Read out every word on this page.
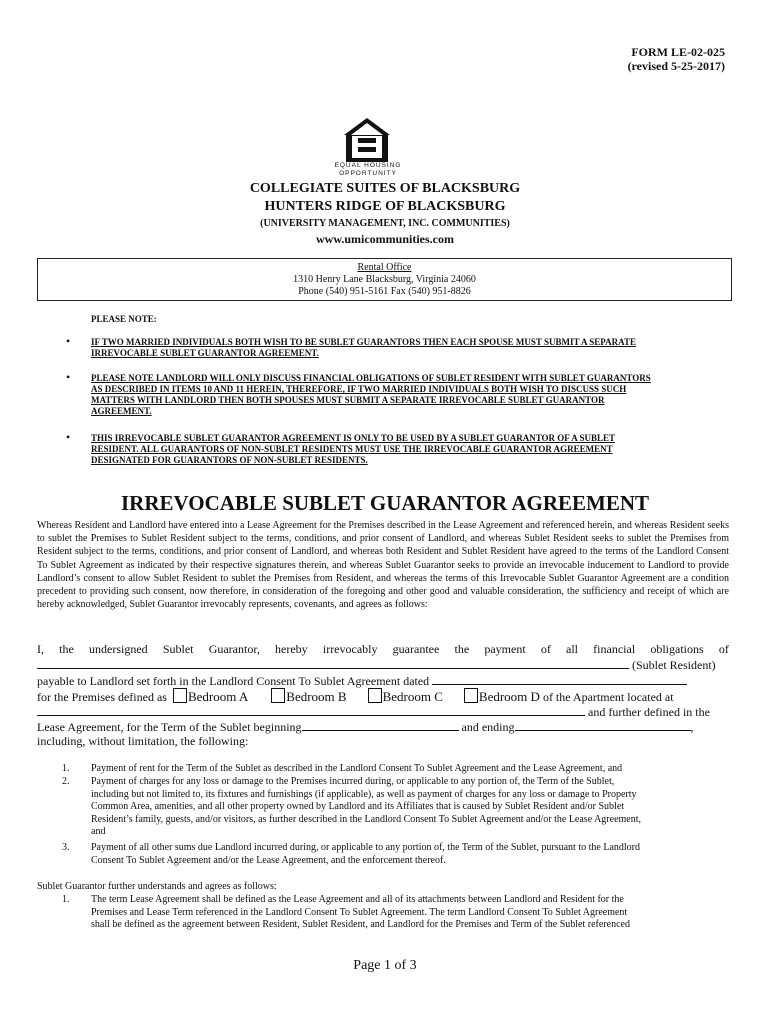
FORM LE-02-025
(revised 5-25-2017)
EQUAL HOUSING
OPPORTUNITY
COLLEGIATE SUITES OF BLACKSBURG
HUNTERS RIDGE OF BLACKSBURG
(UNIVERSITY MANAGEMENT, INC. COMMUNITIES)
www.umicommunities.com
Rental Office
1310 Henry Lane Blacksburg, Virginia 24060
Phone (540) 951-5161 Fax (540) 951-8826
PLEASE NOTE:
• IF TWO MARRIED INDIVIDUALS BOTH WISH TO BE SUBLET GUARANTORS THEN EACH SPOUSE MUST SUBMIT A SEPARATE
IRREVOCABLE SUBLET GUARANTOR AGREEMENT.
• PLEASE NOTE LANDLORD WILL ONLY DISCUSS FINANCIAL OBLIGATIONS OF SUBLET RESIDENT WITH SUBLET GUARANTORS
AS DESCRIBED IN ITEMS 10 AND 11 HEREIN, THEREFORE, IF TWO MARRIED INDIVIDUALS BOTH WISH TO DISCUSS SUCH
MATTERS WITH LANDLORD THEN BOTH SPOUSES MUST SUBMIT A SEPARATE IRREVOCABLE SUBLET GUARANTOR
AGREEMENT.
• THIS IRREVOCABLE SUBLET GUARANTOR AGREEMENT IS ONLY TO BE USED BY A SUBLET GUARANTOR OF A SUBLET
RESIDENT. ALL GUARANTORS OF NON-SUBLET RESIDENTS MUST USE THE IRREVOCABLE GUARANTOR AGREEMENT
DESIGNATED FOR GUARANTORS OF NON-SUBLET RESIDENTS.
IRREVOCABLE SUBLET GUARANTOR AGREEMENT
Whereas Resident and Landlord have entered into a Lease Agreement for the Premises described in the Lease Agreement and referenced herein, and whereas Resident seeks to sublet the Premises to Sublet Resident subject to the terms, conditions, and prior consent of Landlord, and whereas Sublet Resident seeks to sublet the Premises from Resident subject to the terms, conditions, and prior consent of Landlord, and whereas both Resident and Sublet Resident have agreed to the terms of the Landlord Consent To Sublet Agreement as indicated by their respective signatures therein, and whereas Sublet Guarantor seeks to provide an irrevocable inducement to Landlord to provide Landlord’s consent to allow Sublet Resident to sublet the Premises from Resident, and whereas the terms of this Irrevocable Sublet Guarantor Agreement are a condition precedent to providing such consent, now therefore, in consideration of the foregoing and other good and valuable consideration, the sufficiency and receipt of which are hereby acknowledged, Sublet Guarantor irrevocably represents, covenants, and agrees as follows:
I, the undersigned Sublet Guarantor, hereby irrevocably guarantee the payment of all financial obligations of
(Sublet Resident)
payable to Landlord set forth in the Landlord Consent To Sublet Agreement dated
for the Premises defined as Bedroom A	Bedroom B	Bedroom C	Bedroom D of the Apartment located at
and further defined in the
Lease Agreement, for the Term of the Sublet beginning	and ending	,
including, without limitation, the following:
1.	Payment of rent for the Term of the Sublet as described in the Landlord Consent To Sublet Agreement and the Lease Agreement, and
2.	Payment of charges for any loss or damage to the Premises incurred during, or applicable to any portion of, the Term of the Sublet,
including but not limited to, its fixtures and furnishings (if applicable), as well as payment of charges for any loss or damage to Property
Common Area, amenities, and all other property owned by Landlord and its Affiliates that is caused by Sublet Resident and/or Sublet
Resident’s family, guests, and/or visitors, as further described in the Landlord Consent To Sublet Agreement and/or the Lease Agreement,
and
3.	Payment of all other sums due Landlord incurred during, or applicable to any portion of, the Term of the Sublet, pursuant to the Landlord
Consent To Sublet Agreement and/or the Lease Agreement, and the enforcement thereof.
Sublet Guarantor further understands and agrees as follows:
1.	The term Lease Agreement shall be defined as the Lease Agreement and all of its attachments between Landlord and Resident for the
Premises and Lease Term referenced in the Landlord Consent To Sublet Agreement. The term Landlord Consent To Sublet Agreement
shall be defined as the agreement between Resident, Sublet Resident, and Landlord for the Premises and Term of the Sublet referenced
Page 1 of 3
